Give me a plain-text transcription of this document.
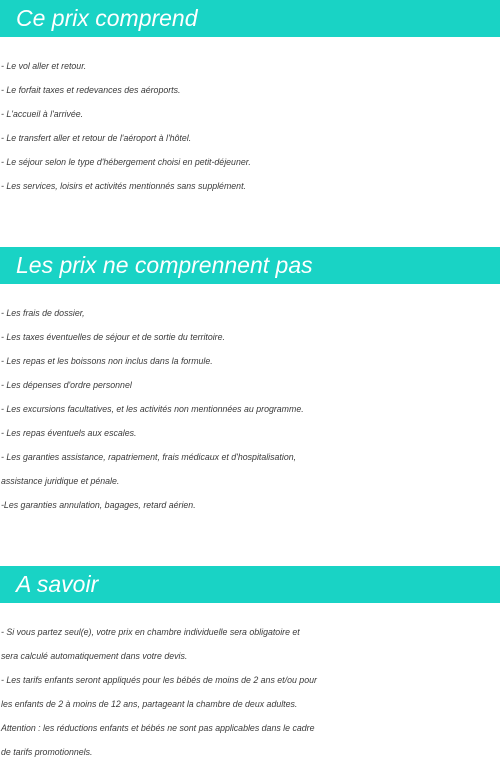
Ce prix comprend
- Le vol aller et retour.
- Le forfait taxes et redevances des aéroports.
- L'accueil à l'arrivée.
- Le transfert aller et retour de l'aéroport à l'hôtel.
- Le séjour selon le type d'hébergement choisi en petit-déjeuner.
- Les services, loisirs et activités mentionnés sans supplément.
Les prix ne comprennent pas
- Les frais de dossier,
- Les taxes éventuelles de séjour et de sortie du territoire.
- Les repas et les boissons non inclus dans la formule.
- Les dépenses d'ordre personnel
- Les excursions facultatives, et les activités non mentionnées au programme.
- Les repas éventuels aux escales.
- Les garanties assistance, rapatriement, frais médicaux et d'hospitalisation,
assistance juridique et pénale.
-Les garanties annulation, bagages, retard aérien.
A savoir
- Si vous partez seul(e), votre prix en chambre individuelle sera obligatoire et
sera calculé automatiquement dans votre devis.
- Les tarifs enfants seront appliqués pour les bébés de moins de 2 ans et/ou pour
les enfants de 2 à moins de 12 ans, partageant la chambre de deux adultes.
Attention : les réductions enfants et bébés ne sont pas applicables dans le cadre
de tarifs promotionnels.
